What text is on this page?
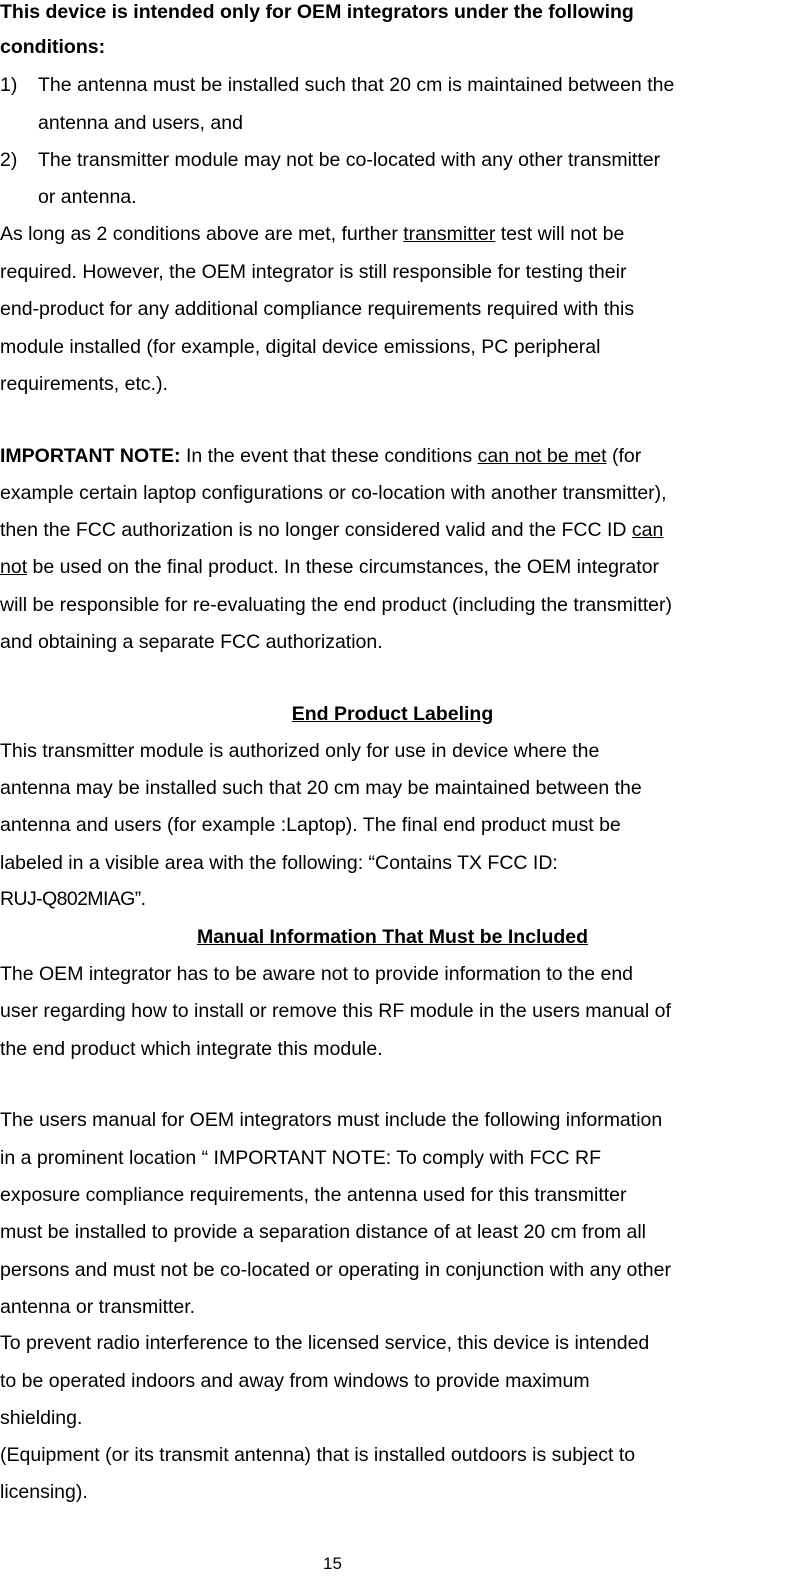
This device is intended only for OEM integrators under the following
conditions:
1) The antenna must be installed such that 20 cm is maintained between the
antenna and users, and
2) The transmitter module may not be co-located with any other transmitter
or antenna.
As long as 2 conditions above are met, further transmitter test will not be
required. However, the OEM integrator is still responsible for testing their
end-product for any additional compliance requirements required with this
module installed (for example, digital device emissions, PC peripheral
requirements, etc.).
IMPORTANT NOTE: In the event that these conditions can not be met (for
example certain laptop configurations or co-location with another transmitter),
then the FCC authorization is no longer considered valid and the FCC ID can
not be used on the final product. In these circumstances, the OEM integrator
will be responsible for re-evaluating the end product (including the transmitter)
and obtaining a separate FCC authorization.
End Product Labeling
This transmitter module is authorized only for use in device where the
antenna may be installed such that 20 cm may be maintained between the
antenna and users (for example :Laptop). The final end product must be
labeled in a visible area with the following: “Contains TX FCC ID:
RUJ-Q802MIAG”.
Manual Information That Must be Included
The OEM integrator has to be aware not to provide information to the end
user regarding how to install or remove this RF module in the users manual of
the end product which integrate this module.
The users manual for OEM integrators must include the following information
in a prominent location “ IMPORTANT NOTE: To comply with FCC RF
exposure compliance requirements, the antenna used for this transmitter
must be installed to provide a separation distance of at least 20 cm from all
persons and must not be co-located or operating in conjunction with any other
antenna or transmitter.
To prevent radio interference to the licensed service, this device is intended
to be operated indoors and away from windows to provide maximum
shielding.
(Equipment (or its transmit antenna) that is installed outdoors is subject to
licensing).
15
